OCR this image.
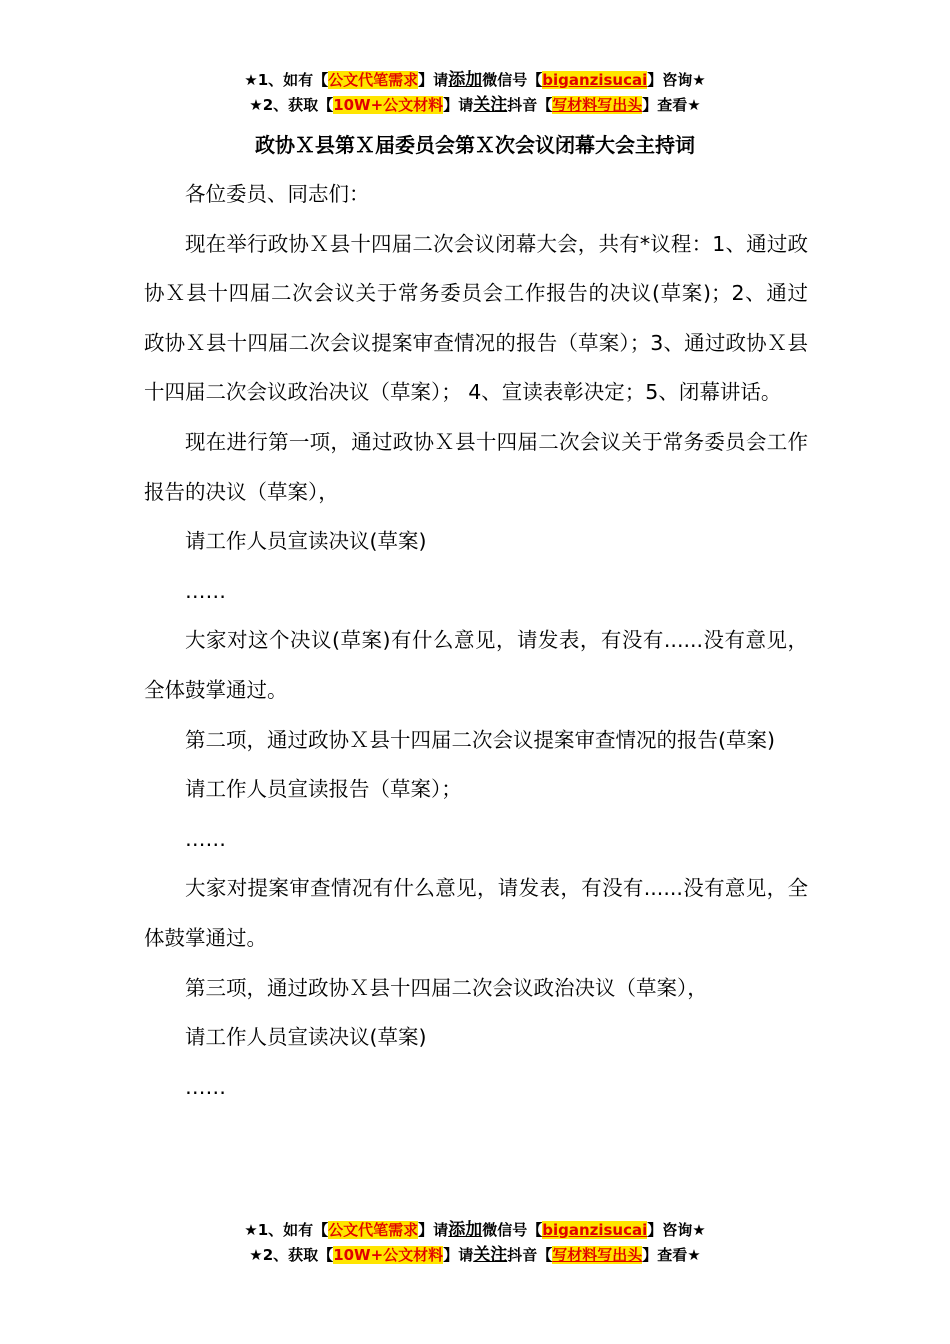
★1、如有【公文代笔需求】请添加微信号【biganzisucai】咨询★
★2、获取【10W+公文材料】请关注抖音【写材料写出头】查看★
政协Ｘ县第Ｘ届委员会第Ｘ次会议闭幕大会主持词

各位委员、同志们：

现在举行政协Ｘ县十四届二次会议闭幕大会，共有*议程：1、通过政协Ｘ县十四届二次会议关于常务委员会工作报告的决议(草案)；2、通过政协Ｘ县十四届二次会议提案审查情况的报告（草案）；3、通过政协Ｘ县十四届二次会议政治决议（草案）； 4、宣读表彰决定；5、闭幕讲话。

现在进行第一项，通过政协Ｘ县十四届二次会议关于常务委员会工作报告的决议（草案），

请工作人员宣读决议(草案)

……

大家对这个决议(草案)有什么意见，请发表，有没有......没有意见，全体鼓掌通过。

第二项，通过政协Ｘ县十四届二次会议提案审查情况的报告(草案)

请工作人员宣读报告（草案）；

……

大家对提案审查情况有什么意见，请发表，有没有......没有意见，全体鼓掌通过。

第三项，通过政协Ｘ县十四届二次会议政治决议（草案），

请工作人员宣读决议(草案)

……

★1、如有【公文代笔需求】请添加微信号【biganzisucai】咨询★
★2、获取【10W+公文材料】请关注抖音【写材料写出头】查看★
